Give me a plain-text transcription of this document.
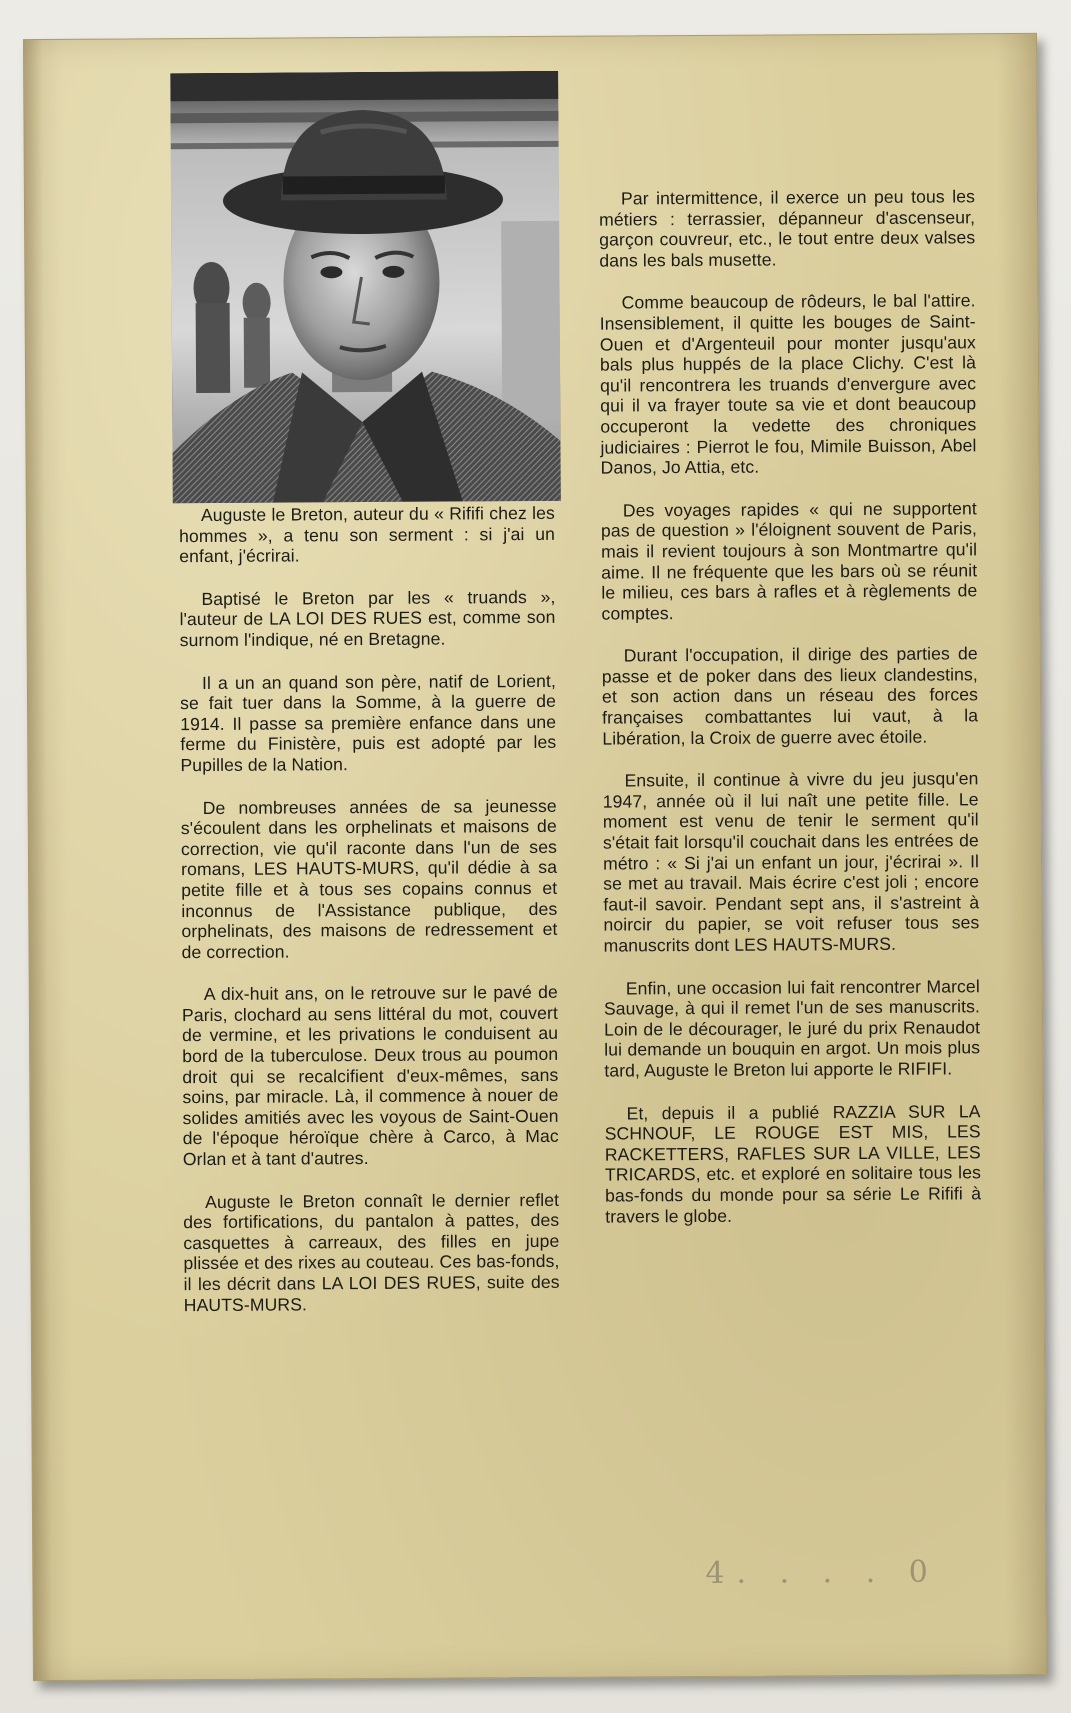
Auguste le Breton, auteur du « Rififi chez les hommes », a tenu son serment : si j'ai un enfant, j'écrirai.

Baptisé le Breton par les « truands », l'auteur de LA LOI DES RUES est, comme son surnom l'indique, né en Bretagne.

Il a un an quand son père, natif de Lorient, se fait tuer dans la Somme, à la guerre de 1914. Il passe sa première enfance dans une ferme du Finistère, puis est adopté par les Pupilles de la Nation.

De nombreuses années de sa jeunesse s'écoulent dans les orphelinats et maisons de correction, vie qu'il raconte dans l'un de ses romans, LES HAUTS-MURS, qu'il dédie à sa petite fille et à tous ses copains connus et inconnus de l'Assistance publique, des orphelinats, des maisons de redressement et de correction.

A dix-huit ans, on le retrouve sur le pavé de Paris, clochard au sens littéral du mot, couvert de vermine, et les privations le conduisent au bord de la tuberculose. Deux trous au poumon droit qui se recalcifient d'eux-mêmes, sans soins, par miracle. Là, il commence à nouer de solides amitiés avec les voyous de Saint-Ouen de l'époque héroïque chère à Carco, à Mac Orlan et à tant d'autres.

Auguste le Breton connaît le dernier reflet des fortifications, du pantalon à pattes, des casquettes à carreaux, des filles en jupe plissée et des rixes au couteau. Ces bas-fonds, il les décrit dans LA LOI DES RUES, suite des HAUTS-MURS.

Par intermittence, il exerce un peu tous les métiers : terrassier, dépanneur d'ascenseur, garçon couvreur, etc., le tout entre deux valses dans les bals musette.

Comme beaucoup de rôdeurs, le bal l'attire. Insensiblement, il quitte les bouges de Saint-Ouen et d'Argenteuil pour monter jusqu'aux bals plus huppés de la place Clichy. C'est là qu'il rencontrera les truands d'envergure avec qui il va frayer toute sa vie et dont beaucoup occuperont la vedette des chroniques judiciaires : Pierrot le fou, Mimile Buisson, Abel Danos, Jo Attia, etc.

Des voyages rapides « qui ne supportent pas de question » l'éloignent souvent de Paris, mais il revient toujours à son Montmartre qu'il aime. Il ne fréquente que les bars où se réunit le milieu, ces bars à rafles et à règlements de comptes.

Durant l'occupation, il dirige des parties de passe et de poker dans des lieux clandestins, et son action dans un réseau des forces françaises combattantes lui vaut, à la Libération, la Croix de guerre avec étoile.

Ensuite, il continue à vivre du jeu jusqu'en 1947, année où il lui naît une petite fille. Le moment est venu de tenir le serment qu'il s'était fait lorsqu'il couchait dans les entrées de métro : « Si j'ai un enfant un jour, j'écrirai ». Il se met au travail. Mais écrire c'est joli ; encore faut-il savoir. Pendant sept ans, il s'astreint à noircir du papier, se voit refuser tous ses manuscrits dont LES HAUTS-MURS.

Enfin, une occasion lui fait rencontrer Marcel Sauvage, à qui il remet l'un de ses manuscrits. Loin de le décourager, le juré du prix Renaudot lui demande un bouquin en argot. Un mois plus tard, Auguste le Breton lui apporte le RIFIFI.

Et, depuis il a publié RAZZIA SUR LA SCHNOUF, LE ROUGE EST MIS, LES RACKETTERS, RAFLES SUR LA VILLE, LES TRICARDS, etc. et exploré en solitaire tous les bas-fonds du monde pour sa série Le Rififi à travers le globe.

4. . . . 0
